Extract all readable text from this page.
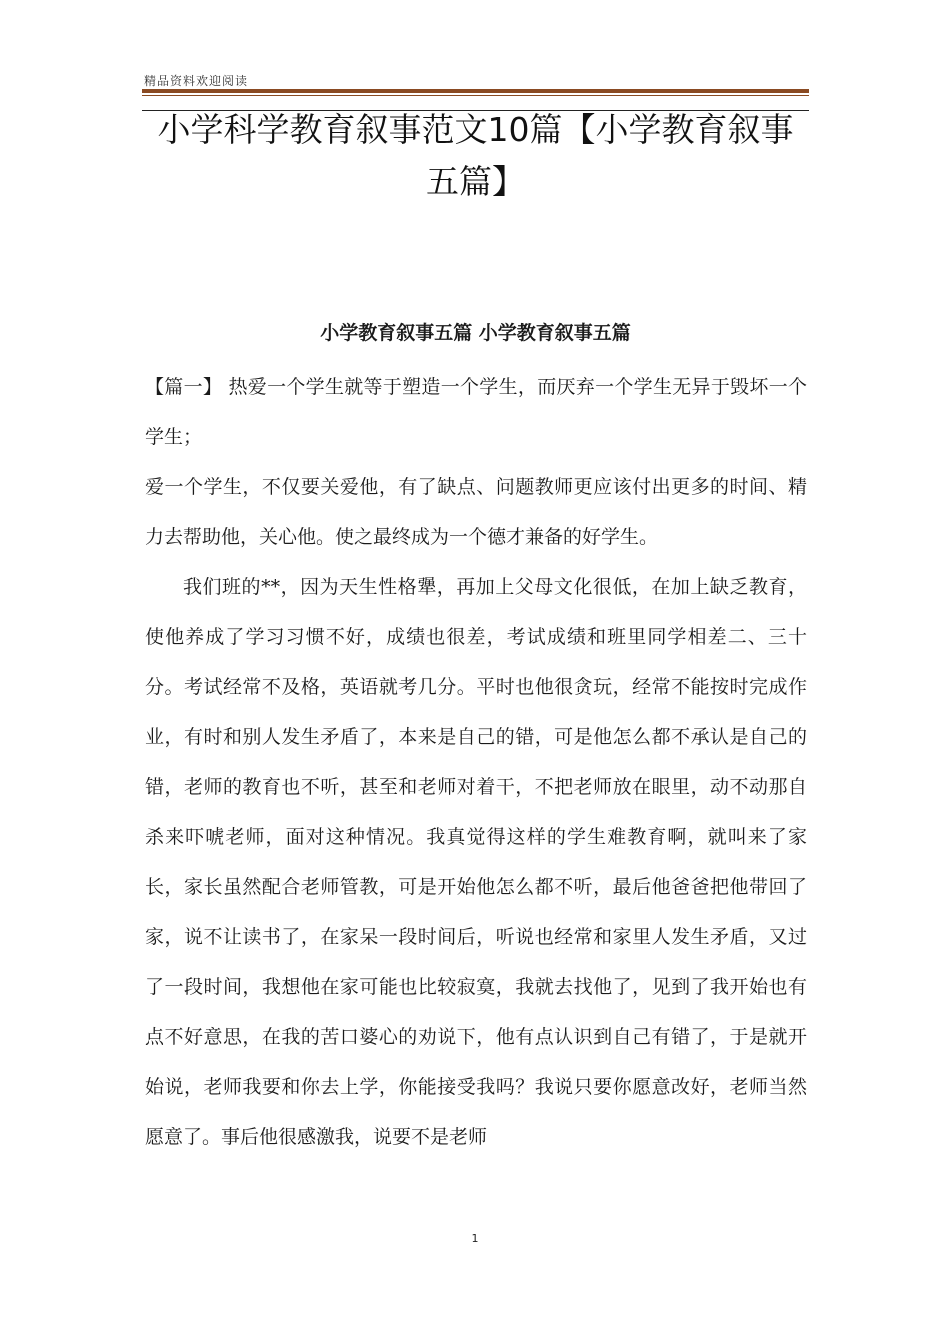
精品资料欢迎阅读
小学科学教育叙事范文10篇【小学教育叙事五篇】
小学教育叙事五篇 小学教育叙事五篇

【篇一】 热爱一个学生就等于塑造一个学生，而厌弃一个学生无异于毁坏一个学生；

爱一个学生，不仅要关爱他，有了缺点、问题教师更应该付出更多的时间、精力去帮助他，关心他。使之最终成为一个德才兼备的好学生。

我们班的**，因为天生性格犟，再加上父母文化很低，在加上缺乏教育，使他养成了学习习惯不好，成绩也很差，考试成绩和班里同学相差二、三十分。考试经常不及格，英语就考几分。平时也他很贪玩，经常不能按时完成作业，有时和别人发生矛盾了，本来是自己的错，可是他怎么都不承认是自己的错，老师的教育也不听，甚至和老师对着干，不把老师放在眼里，动不动那自杀来吓唬老师，面对这种情况。我真觉得这样的学生难教育啊，就叫来了家长，家长虽然配合老师管教，可是开始他怎么都不听，最后他爸爸把他带回了家，说不让读书了，在家呆一段时间后，听说也经常和家里人发生矛盾，又过了一段时间，我想他在家可能也比较寂寞，我就去找他了，见到了我开始也有点不好意思，在我的苦口婆心的劝说下，他有点认识到自己有错了，于是就开始说，老师我要和你去上学，你能接受我吗？我说只要你愿意改好，老师当然愿意了。事后他很感激我，说要不是老师

1
